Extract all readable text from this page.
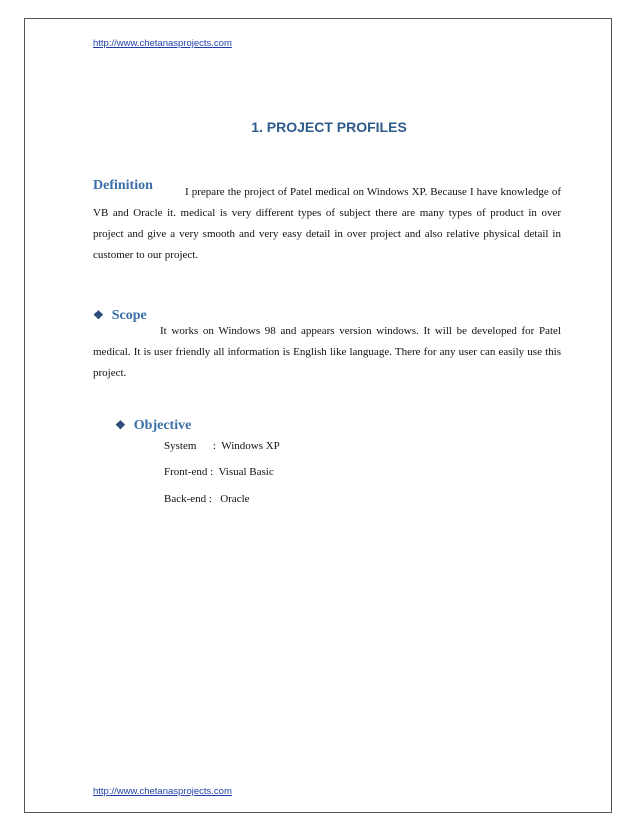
http://www.chetanasprojects.com
1. PROJECT PROFILES
Definition	I prepare the project of Patel medical on Windows XP. Because I have knowledge of VB and Oracle it. medical is very different types of subject there are many types of product in over project and give a very smooth and very easy detail in over project and also relative physical detail in customer to our project.

❖ Scope

It works on Windows 98 and appears version windows. It will be developed for Patel medical. It is user friendly all information is English like language. There for any user can easily use this project.

❖ Objective
System      :  Windows XP
Front-end :  Visual Basic
Back-end :   Oracle
http://www.chetanasprojects.com
